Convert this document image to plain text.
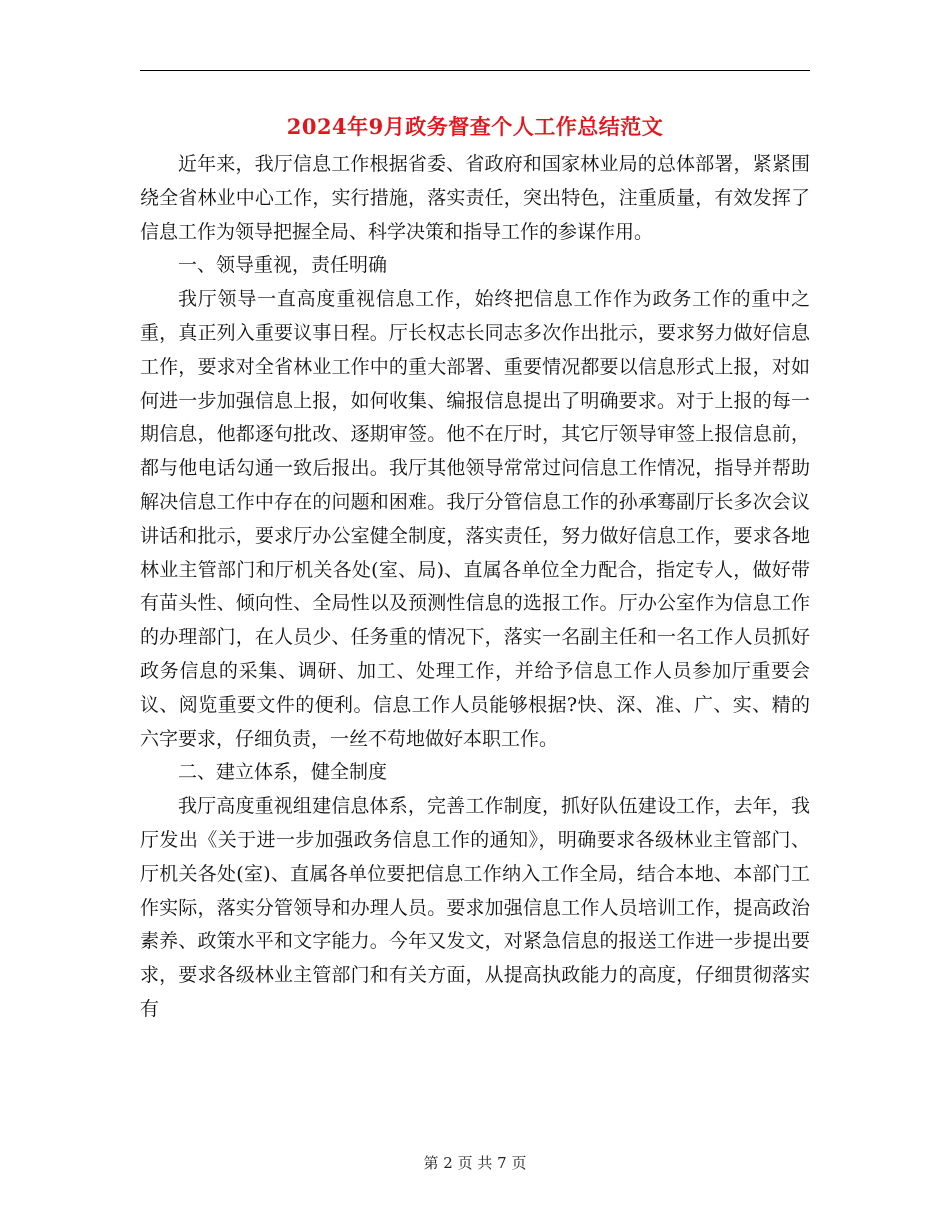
2024年9月政务督查个人工作总结范文

近年来，我厅信息工作根据省委、省政府和国家林业局的总体部署，紧紧围绕全省林业中心工作，实行措施，落实责任，突出特色，注重质量，有效发挥了信息工作为领导把握全局、科学决策和指导工作的参谋作用。

一、领导重视，责任明确

我厅领导一直高度重视信息工作，始终把信息工作作为政务工作的重中之重，真正列入重要议事日程。厅长权志长同志多次作出批示，要求努力做好信息工作，要求对全省林业工作中的重大部署、重要情况都要以信息形式上报，对如何进一步加强信息上报，如何收集、编报信息提出了明确要求。对于上报的每一期信息，他都逐句批改、逐期审签。他不在厅时，其它厅领导审签上报信息前，都与他电话勾通一致后报出。我厅其他领导常常过问信息工作情况，指导并帮助解决信息工作中存在的问题和困难。我厅分管信息工作的孙承骞副厅长多次会议讲话和批示，要求厅办公室健全制度，落实责任，努力做好信息工作，要求各地林业主管部门和厅机关各处(室、局)、直属各单位全力配合，指定专人，做好带有苗头性、倾向性、全局性以及预测性信息的选报工作。厅办公室作为信息工作的办理部门，在人员少、任务重的情况下，落实一名副主任和一名工作人员抓好政务信息的采集、调研、加工、处理工作，并给予信息工作人员参加厅重要会议、阅览重要文件的便利。信息工作人员能够根据?快、深、准、广、实、精的六字要求，仔细负责，一丝不苟地做好本职工作。

二、建立体系，健全制度

我厅高度重视组建信息体系，完善工作制度，抓好队伍建设工作，去年，我厅发出《关于进一步加强政务信息工作的通知》，明确要求各级林业主管部门、厅机关各处(室)、直属各单位要把信息工作纳入工作全局，结合本地、本部门工作实际，落实分管领导和办理人员。要求加强信息工作人员培训工作，提高政治素养、政策水平和文字能力。今年又发文，对紧急信息的报送工作进一步提出要求，要求各级林业主管部门和有关方面，从提高执政能力的高度，仔细贯彻落实有

第 2 页 共 7 页
